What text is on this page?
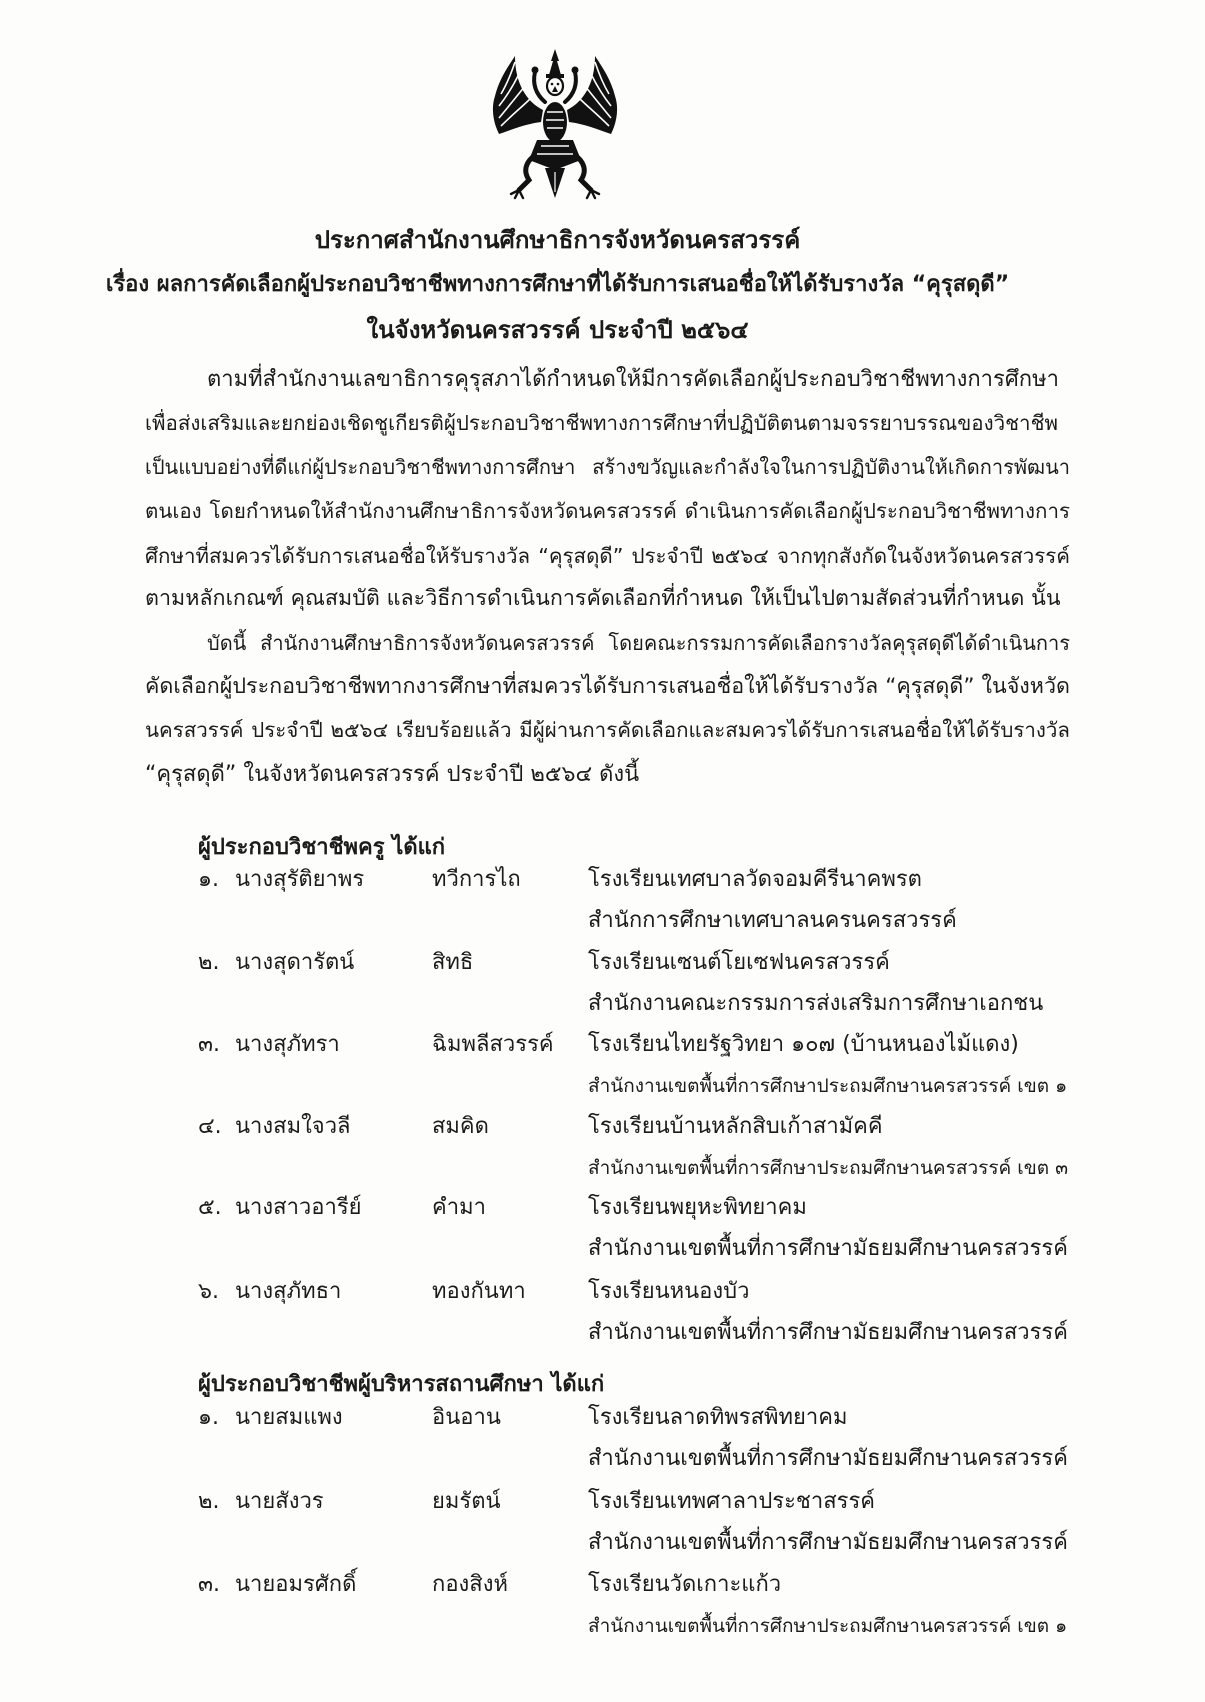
ประกาศสำนักงานศึกษาธิการจังหวัดนครสวรรค์
เรื่อง ผลการคัดเลือกผู้ประกอบวิชาชีพทางการศึกษาที่ได้รับการเสนอชื่อให้ได้รับรางวัล “คุรุสดุดี”
ในจังหวัดนครสวรรค์ ประจำปี ๒๕๖๔
ตามที่สำนักงานเลขาธิการคุรุสภาได้กำหนดให้มีการคัดเลือกผู้ประกอบวิชาชีพทางการศึกษา
เพื่อส่งเสริมและยกย่องเชิดชูเกียรติผู้ประกอบวิชาชีพทางการศึกษาที่ปฏิบัติตนตามจรรยาบรรณของวิชาชีพ
เป็นแบบอย่างที่ดีแก่ผู้ประกอบวิชาชีพทางการศึกษา สร้างขวัญและกำลังใจในการปฏิบัติงานให้เกิดการพัฒนา
ตนเอง โดยกำหนดให้สำนักงานศึกษาธิการจังหวัดนครสวรรค์ ดำเนินการคัดเลือกผู้ประกอบวิชาชีพทางการ
ศึกษาที่สมควรได้รับการเสนอชื่อให้รับรางวัล “คุรุสดุดี” ประจำปี ๒๕๖๔ จากทุกสังกัดในจังหวัดนครสวรรค์
ตามหลักเกณฑ์ คุณสมบัติ และวิธีการดำเนินการคัดเลือกที่กำหนด ให้เป็นไปตามสัดส่วนที่กำหนด นั้น
บัดนี้ สำนักงานศึกษาธิการจังหวัดนครสวรรค์ โดยคณะกรรมการคัดเลือกรางวัลคุรุสดุดีได้ดำเนินการ
คัดเลือกผู้ประกอบวิชาชีพทากงารศึกษาที่สมควรได้รับการเสนอชื่อให้ได้รับรางวัล “คุรุสดุดี” ในจังหวัด
นครสวรรค์ ประจำปี ๒๕๖๔ เรียบร้อยแล้ว มีผู้ผ่านการคัดเลือกและสมควรได้รับการเสนอชื่อให้ได้รับรางวัล
“คุรุสดุดี” ในจังหวัดนครสวรรค์ ประจำปี ๒๕๖๔ ดังนี้
ผู้ประกอบวิชาชีพครู ได้แก่
๑. นางสุรัติยาพร	ทวีการไถ	โรงเรียนเทศบาลวัดจอมคีรีนาคพรต
สำนักการศึกษาเทศบาลนครนครสวรรค์
๒. นางสุดารัตน์	สิทธิ	โรงเรียนเซนต์โยเซฟนครสวรรค์
สำนักงานคณะกรรมการส่งเสริมการศึกษาเอกชน
๓. นางสุภัทรา	ฉิมพลีสวรรค์	โรงเรียนไทยรัฐวิทยา ๑๐๗ (บ้านหนองไม้แดง)
สำนักงานเขตพื้นที่การศึกษาประถมศึกษานครสวรรค์ เขต ๑
๔. นางสมใจวลี	สมคิด	โรงเรียนบ้านหลักสิบเก้าสามัคคี
สำนักงานเขตพื้นที่การศึกษาประถมศึกษานครสวรรค์ เขต ๓
๕. นางสาวอารีย์	คำมา	โรงเรียนพยุหะพิทยาคม
สำนักงานเขตพื้นที่การศึกษามัธยมศึกษานครสวรรค์
๖. นางสุภัทธา	ทองกันทา	โรงเรียนหนองบัว
สำนักงานเขตพื้นที่การศึกษามัธยมศึกษานครสวรรค์
ผู้ประกอบวิชาชีพผู้บริหารสถานศึกษา ได้แก่
๑. นายสมแพง	อินอาน	โรงเรียนลาดทิพรสพิทยาคม
สำนักงานเขตพื้นที่การศึกษามัธยมศึกษานครสวรรค์
๒. นายสังวร	ยมรัตน์	โรงเรียนเทพศาลาประชาสรรค์
สำนักงานเขตพื้นที่การศึกษามัธยมศึกษานครสวรรค์
๓. นายอมรศักดิ์	กองสิงห์	โรงเรียนวัดเกาะแก้ว
สำนักงานเขตพื้นที่การศึกษาประถมศึกษานครสวรรค์ เขต ๑
